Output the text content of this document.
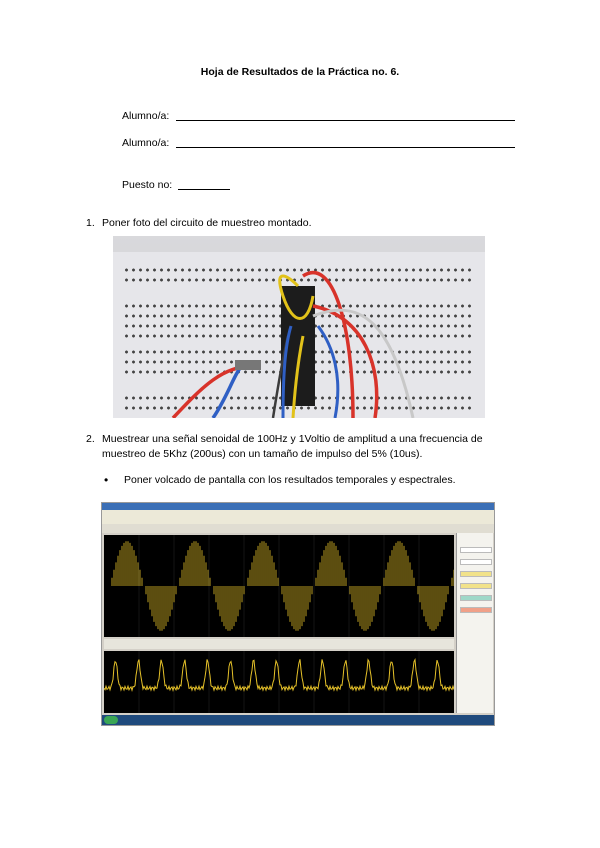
Hoja de Resultados de la Práctica no. 6.
Alumno/a:
Alumno/a:
Puesto no:
1. Poner foto del circuito de muestreo montado.
2. Muestrear una señal senoidal de 100Hz y 1Voltio de amplitud a una frecuencia de
muestreo de 5Khz (200us) con un tamaño de impulso del 5% (10us).
• Poner volcado de pantalla con los resultados temporales y espectrales.
